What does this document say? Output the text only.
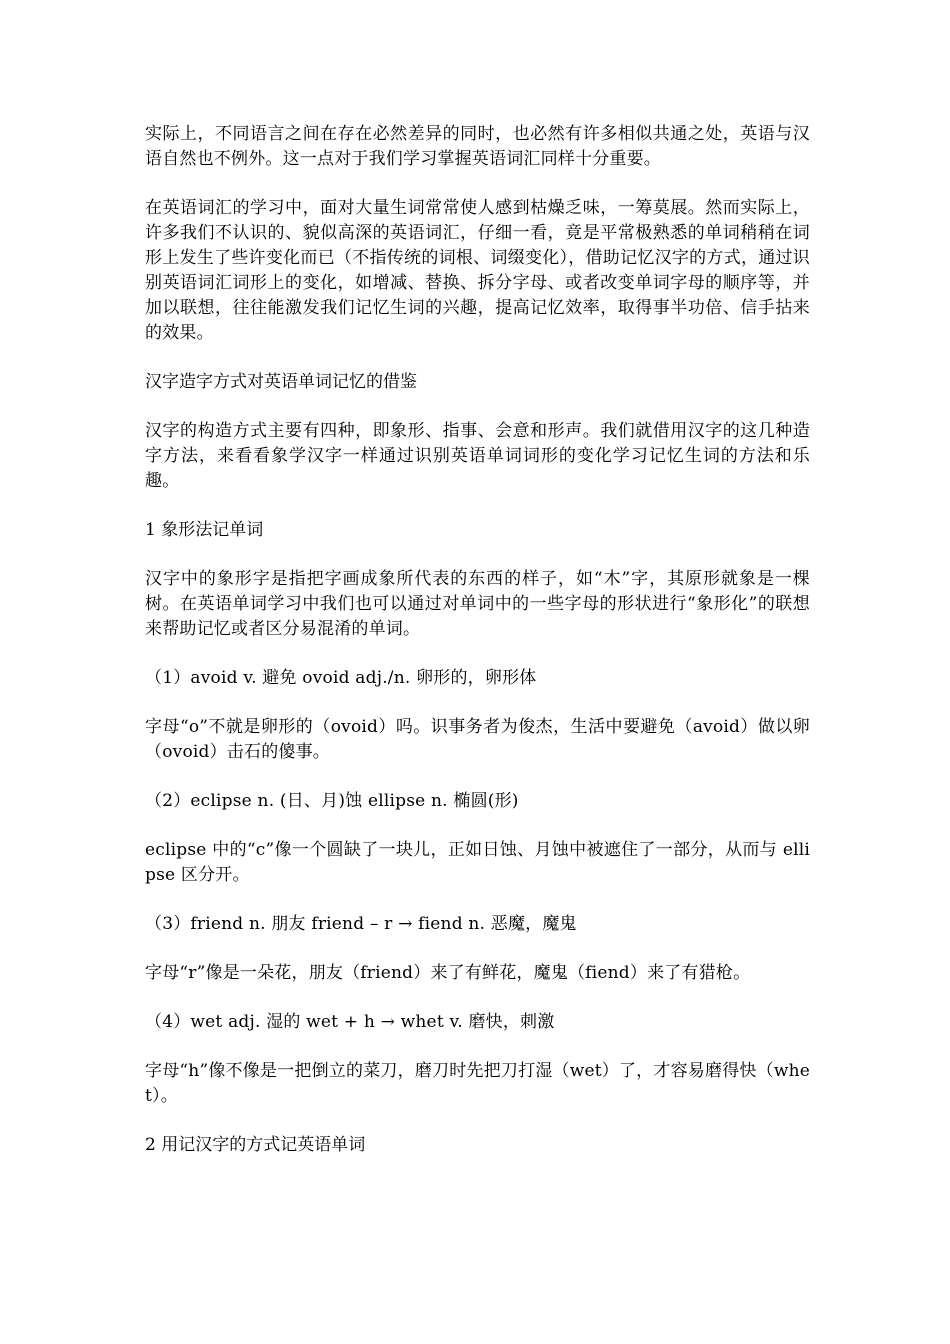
实际上，不同语言之间在存在必然差异的同时，也必然有许多相似共通之处，英语与汉语自然也不例外。这一点对于我们学习掌握英语词汇同样十分重要。

在英语词汇的学习中，面对大量生词常常使人感到枯燥乏味，一筹莫展。然而实际上，许多我们不认识的、貌似高深的英语词汇，仔细一看，竟是平常极熟悉的单词稍稍在词形上发生了些许变化而已（不指传统的词根、词缀变化），借助记忆汉字的方式，通过识别英语词汇词形上的变化，如增减、替换、拆分字母、或者改变单词字母的顺序等，并加以联想，往往能激发我们记忆生词的兴趣，提高记忆效率，取得事半功倍、信手拈来的效果。

汉字造字方式对英语单词记忆的借鉴

汉字的构造方式主要有四种，即象形、指事、会意和形声。我们就借用汉字的这几种造字方法，来看看象学汉字一样通过识别英语单词词形的变化学习记忆生词的方法和乐趣。

1 象形法记单词

汉字中的象形字是指把字画成象所代表的东西的样子，如“木”字，其原形就象是一棵树。在英语单词学习中我们也可以通过对单词中的一些字母的形状进行“象形化”的联想来帮助记忆或者区分易混淆的单词。

（1）avoid v. 避免 ovoid adj./n. 卵形的，卵形体

字母“o”不就是卵形的（ovoid）吗。识事务者为俊杰，生活中要避免（avoid）做以卵（ovoid）击石的傻事。

（2）eclipse n. (日、月)蚀 ellipse n. 椭圆(形)

eclipse 中的“c”像一个圆缺了一块儿，正如日蚀、月蚀中被遮住了一部分，从而与 ellipse 区分开。

（3）friend n. 朋友 friend – r → fiend n. 恶魔，魔鬼

字母“r”像是一朵花，朋友（friend）来了有鲜花，魔鬼（fiend）来了有猎枪。

（4）wet adj. 湿的 wet + h → whet v. 磨快，刺激

字母“h”像不像是一把倒立的菜刀，磨刀时先把刀打湿（wet）了，才容易磨得快（whet）。

2 用记汉字的方式记英语单词
